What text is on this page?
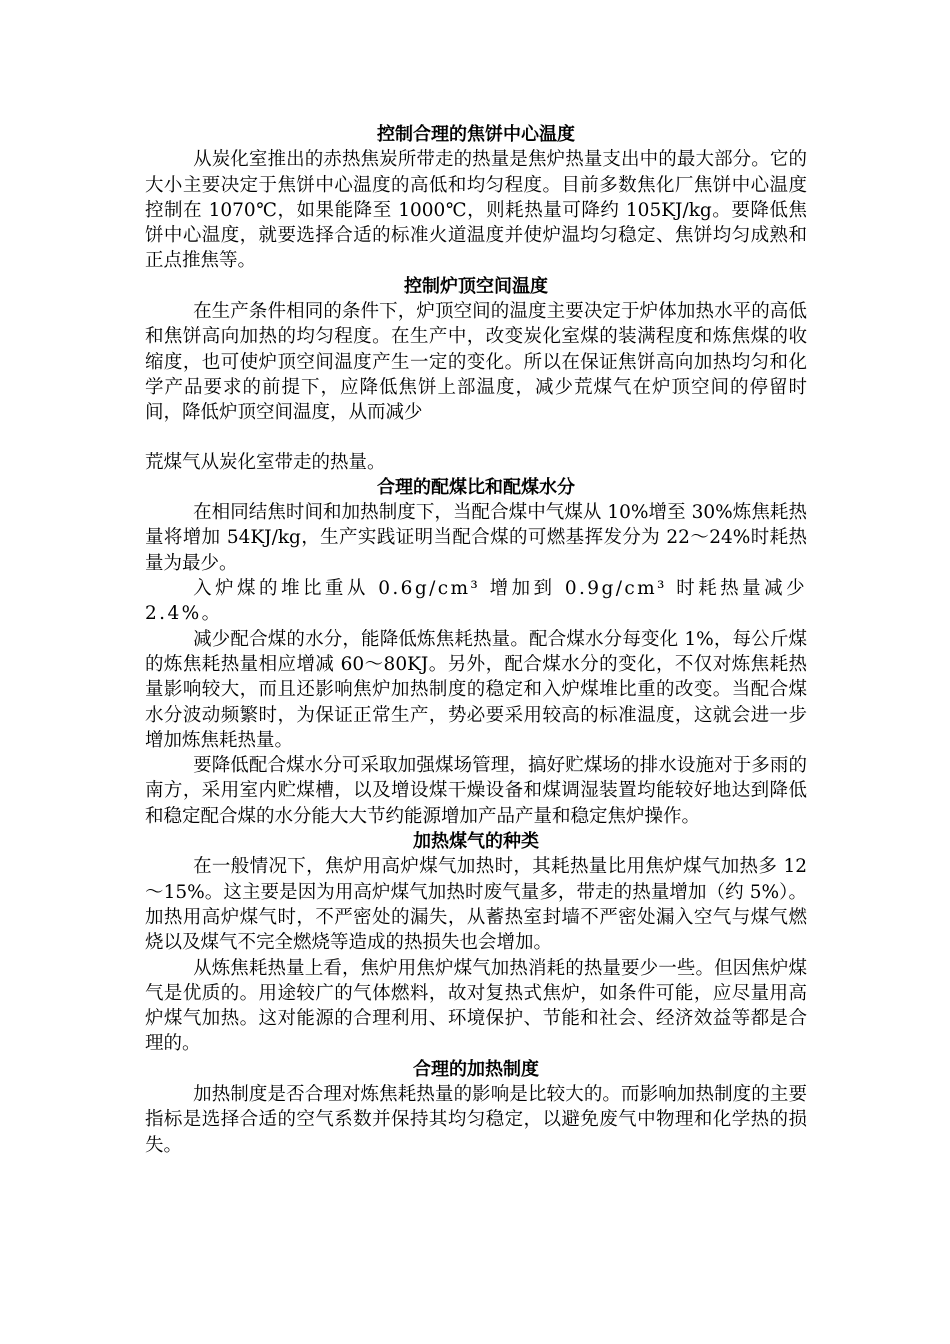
控制合理的焦饼中心温度

从炭化室推出的赤热焦炭所带走的热量是焦炉热量支出中的最大部分。它的大小主要决定于焦饼中心温度的高低和均匀程度。目前多数焦化厂焦饼中心温度控制在 1070℃，如果能降至 1000℃，则耗热量可降约 105KJ/kg。要降低焦饼中心温度，就要选择合适的标准火道温度并使炉温均匀稳定、焦饼均匀成熟和正点推焦等。

控制炉顶空间温度

在生产条件相同的条件下，炉顶空间的温度主要决定于炉体加热水平的高低和焦饼高向加热的均匀程度。在生产中，改变炭化室煤的装满程度和炼焦煤的收缩度，也可使炉顶空间温度产生一定的变化。所以在保证焦饼高向加热均匀和化学产品要求的前提下，应降低焦饼上部温度，减少荒煤气在炉顶空间的停留时间，降低炉顶空间温度，从而减少

荒煤气从炭化室带走的热量。

合理的配煤比和配煤水分

在相同结焦时间和加热制度下，当配合煤中气煤从 10%增至 30%炼焦耗热量将增加 54KJ/kg，生产实践证明当配合煤的可燃基挥发分为 22～24%时耗热量为最少。

入炉煤的堆比重从 0.6g/cm³ 增加到 0.9g/cm³ 时耗热量减少 2.4%。

减少配合煤的水分，能降低炼焦耗热量。配合煤水分每变化 1%，每公斤煤的炼焦耗热量相应增减 60～80KJ。另外，配合煤水分的变化，不仅对炼焦耗热量影响较大，而且还影响焦炉加热制度的稳定和入炉煤堆比重的改变。当配合煤水分波动频繁时，为保证正常生产，势必要采用较高的标准温度，这就会进一步增加炼焦耗热量。

要降低配合煤水分可采取加强煤场管理，搞好贮煤场的排水设施对于多雨的南方，采用室内贮煤槽，以及增设煤干燥设备和煤调湿装置均能较好地达到降低和稳定配合煤的水分能大大节约能源增加产品产量和稳定焦炉操作。

加热煤气的种类

在一般情况下，焦炉用高炉煤气加热时，其耗热量比用焦炉煤气加热多 12～15%。这主要是因为用高炉煤气加热时废气量多，带走的热量增加（约 5%）。加热用高炉煤气时，不严密处的漏失，从蓄热室封墙不严密处漏入空气与煤气燃烧以及煤气不完全燃烧等造成的热损失也会增加。

从炼焦耗热量上看，焦炉用焦炉煤气加热消耗的热量要少一些。但因焦炉煤气是优质的。用途较广的气体燃料，故对复热式焦炉，如条件可能，应尽量用高炉煤气加热。这对能源的合理利用、环境保护、节能和社会、经济效益等都是合理的。

合理的加热制度

加热制度是否合理对炼焦耗热量的影响是比较大的。而影响加热制度的主要指标是选择合适的空气系数并保持其均匀稳定，以避免废气中物理和化学热的损失。
